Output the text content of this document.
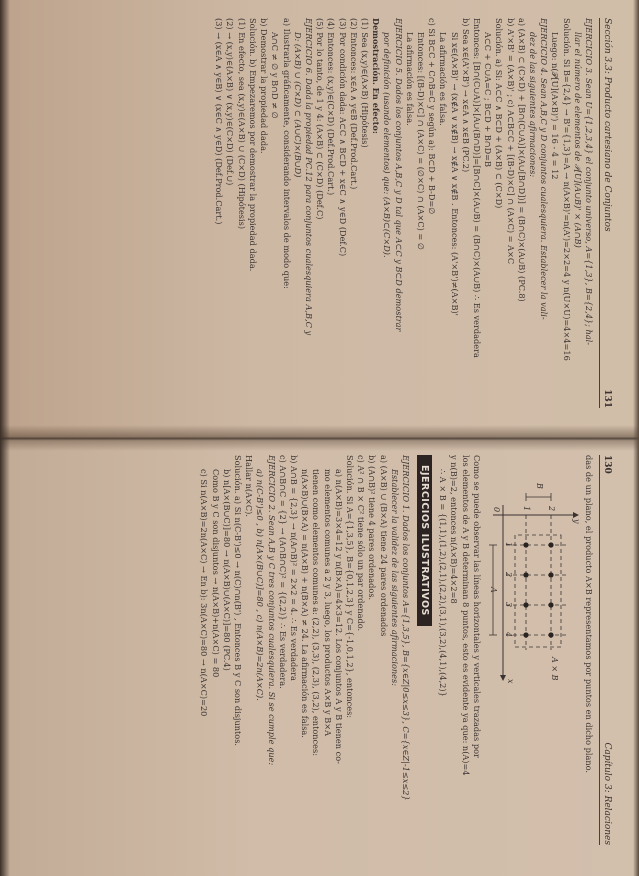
130
Capítulo 3: Relaciones
das de un plano, el producto A×B representamos por puntos en dicho plano.
y
x
0
B
A
A × B
1
2
3
4
1 2
Como se puede observar las líneas horizontales y verticales trazadas por
los elementos de A y B determinan 8 puntos, esto es evidente ya que: n(A)=4
y n(B)=2, entonces n(A×B)=4×2=8
∴ A × B = {(1,1),(1,2),(2,1),(2,2),(3,1),(3,2),(4,1),(4,2)}
EJERCICIOS ILUSTRATIVOS
EJERCICIO 1. Dados los conjuntos A={1,3,5}, B={x∈Z|0≤x≤3}, C={x∈Z|-1≤x≤2}
Establecer la validez de las siguientes afirmaciones:
a) (A×B) ∪ (B×A) tiene 24 pares ordenados
b) (A∩B)² tiene 4 pares ordenados.
c) A² ∩ B × C² tiene sólo un par ordenado.
Solución. Si A={1,3,5}, B={0,1,2,3} y C={-1,0,1,2}, entonces:
a) n(A×B)=3×4=12 y n(B×A)=4×3=12. Los conjuntos A y B tienen co-
mo elementos comunes a 2 y 3, luego, los productos A×B y B×A
tienen como elementos comunes a: (2,2), (3,3), (2,3), (3,2), entonces:
n(A×B)∪(B×A) = n(A×B) + n(B×A) ≠ 24. La afirmación es falsa.
b) A∩B = {2,3} → n(A∩B)² = 2×2 = 4. ∴ Es verdadera
c) A∩B∩C = {2} → (A∩B∩C)² = {(2,2)} ∴ Es verdadera.
EJERCICIO 2. Sean A,B y C tres conjuntos cualesquiera. Si se cumple que:
a) n(C-B')≤0 , b) n[A×(B∪C)]=80 , c) n(A×B)=2n(A×C).
Hallar n(A×C).
Solución. a) Si n(C-B')≤0 → n(C)∩n(B') , Entonces B y C son disjuntos.
b) n[A×(B∪C)]=80 → n(A×B)∪(A×C)]=80 (PC.4)
Como B y C son disjuntos → n(A×B)+n(A×C) = 80
c) Si n(A×B)=2n(A×C) → En b): 3n(A×C)=80 → n(A×C)=20
Sección 3.3: Producto cartesiano de Conjuntos
131
EJERCICIO 3. Sean U={1,2,3,4} el conjunto universo, A={1,3}, B={2,4}; hal-
llar el número de elementos de 𝒫[U](A∪B)' × (A∩B)
Solución. Si B={2,4} → B'={1,3}=A → n(A×B)'=n(A')=2×2=4 y n(U×U)=4×4=16
Luego: n(𝒫[U](A×B)') = 16 - 4 = 12
EJERCICIO 4. Sean A,B,C y D conjuntos cualesquiera. Establecer la vali-
dez de las siguientes afirmaciones:
a) (A×B) ⊂ (C×D) + [B∩(C∪A)]×(A∪[B∩D])] = (B∩C)×(A∪B) (PC.8)
b) A'×B' = (A×B)' ; c) A⊂B⊂C + [(B-D)×C] ∩ (A×C) = A×C
Solución. a) Si: A⊂C ∧ B⊂D + (A×B) ⊂ (C×D)
A⊂C + C∪A=C ; B⊂D + B∩D=B
Entonces: [B∩(C∪A)]×[A∪(B∩D)]=[B∩C]×(A∪B) = (B∩C)×(A∪B) ∴ Es verdadera
b) Sea x∈(A'×B') → x∈A ∧ x∈B (PC.2)
Si x∈(A×B)' → (x∉A ∨ x∉B) → x∉A ∨ x∉B . Entonces: (A'×B')≠(A×B)'
La afirmación es falsa.
c) Si B⊂C + C∩B=C y según a): B⊂D + B-D=∅
Entonces: [(B-D)×C] ∩ (A×C) = (∅×C) ∩ (A×C) = ∅
La afirmación es falsa.
EJERCICIO 5. Dados los conjuntos A,B,C y D tal que A⊂C y B⊂D demostrar
por definición (usando elementos) que: (A×B)⊂(C×D).
Demostración. En efecto:
(1) Sea (x,y)∈(A×B) (Hipótesis)
(2) Entonces: x∈A ∧ y∈B (Def.Prod.Cart.)
(3) Por condición dada: A⊂C ∧ B⊂D + x∈C ∧ y∈D (Def.C)
(4) Entonces: (x,y)∈(C×D) (Def.Prod.Cart.)
(5) Por lo tanto, de 1 y 4: (A×B) ⊂ (C×D) (Def.C)
EJERCICIO 6. Dada la propiedad PC.12 para conjuntos cualesquiera A,B,C y
D: (A×B) ∪ (C×D) ⊂ (A∪C)×(B∪D)
a) Ilustrarla gráficamente, considerando intervalos de modo que:
A∩C ≠ ∅ y B∩D ≠ ∅
b) Demostrar la propiedad dada.
Solución. b) Empezaremos por demostrar la propiedad dada.
(1) En efecto, sea (x,y)∈(A×B) ∪ (C×D) (Hipótesis)
(2) → (x,y)∈(A×B) ∨ (x,y)∈(C×D) (Def.∪)
(3) → (x∈A ∧ y∈B) ∨ (x∈C ∧ y∈D) (Def.Prod.Cart.)
